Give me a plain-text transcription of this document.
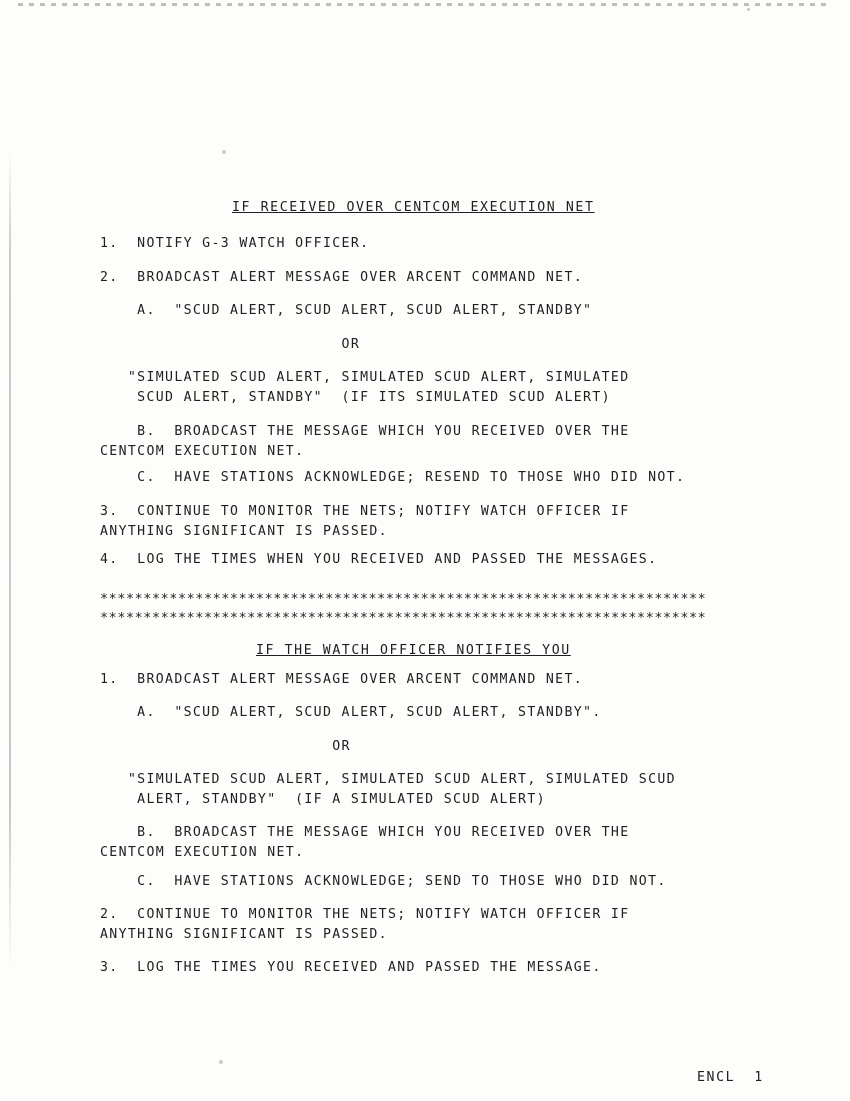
IF RECEIVED OVER CENTCOM EXECUTION NET
1.  NOTIFY G-3 WATCH OFFICER.
2.  BROADCAST ALERT MESSAGE OVER ARCENT COMMAND NET.
A.  "SCUD ALERT, SCUD ALERT, SCUD ALERT, STANDBY"
OR
"SIMULATED SCUD ALERT, SIMULATED SCUD ALERT, SIMULATED
SCUD ALERT, STANDBY"  (IF ITS SIMULATED SCUD ALERT)
B.  BROADCAST THE MESSAGE WHICH YOU RECEIVED OVER THE
CENTCOM EXECUTION NET.
C.  HAVE STATIONS ACKNOWLEDGE; RESEND TO THOSE WHO DID NOT.
3.  CONTINUE TO MONITOR THE NETS; NOTIFY WATCH OFFICER IF
ANYTHING SIGNIFICANT IS PASSED.
4.  LOG THE TIMES WHEN YOU RECEIVED AND PASSED THE MESSAGES.
**********************************************************************
**********************************************************************
IF THE WATCH OFFICER NOTIFIES YOU
1.  BROADCAST ALERT MESSAGE OVER ARCENT COMMAND NET.
A.  "SCUD ALERT, SCUD ALERT, SCUD ALERT, STANDBY".
OR
"SIMULATED SCUD ALERT, SIMULATED SCUD ALERT, SIMULATED SCUD
ALERT, STANDBY"  (IF A SIMULATED SCUD ALERT)
B.  BROADCAST THE MESSAGE WHICH YOU RECEIVED OVER THE
CENTCOM EXECUTION NET.
C.  HAVE STATIONS ACKNOWLEDGE; SEND TO THOSE WHO DID NOT.
2.  CONTINUE TO MONITOR THE NETS; NOTIFY WATCH OFFICER IF
ANYTHING SIGNIFICANT IS PASSED.
3.  LOG THE TIMES YOU RECEIVED AND PASSED THE MESSAGE.
ENCL  1
